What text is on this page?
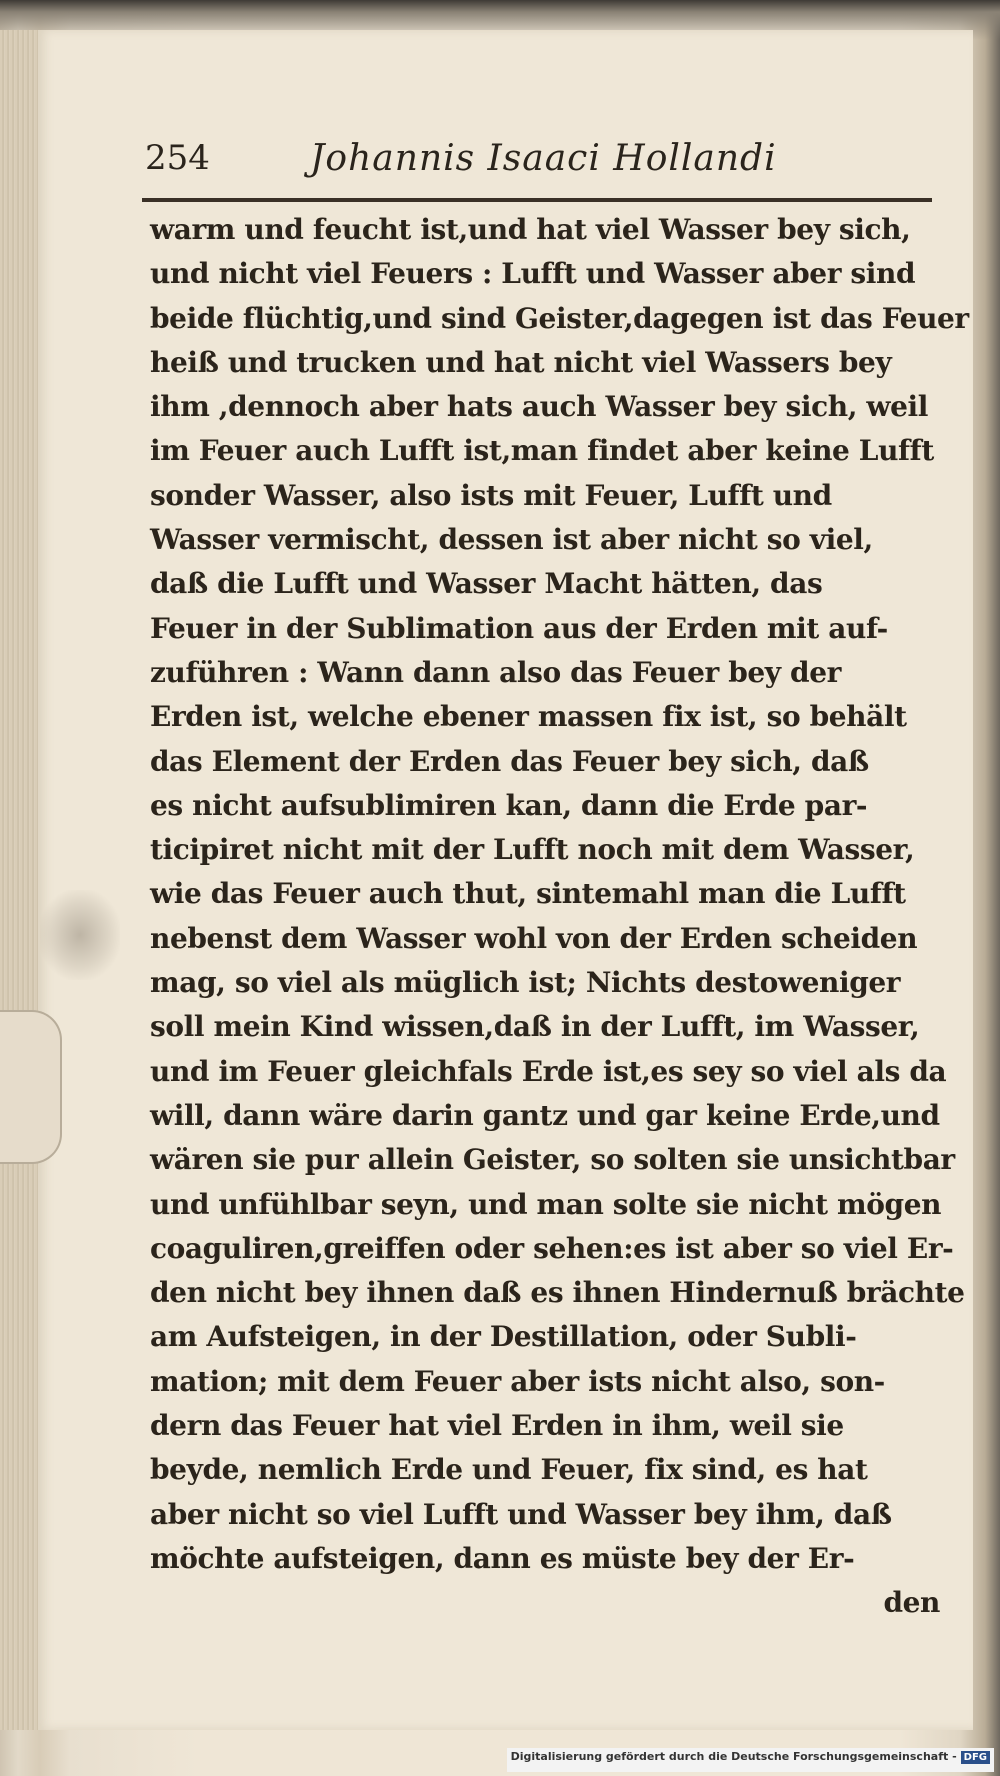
254	Johannis Isaaci Hollandi
warm und feucht ist,und hat viel Wasser bey sich,
und nicht viel Feuers : Lufft und Wasser aber sind
beide flüchtig,und sind Geister,dagegen ist das Feuer
heiß und trucken und hat nicht viel Wassers bey
ihm ,dennoch aber hats auch Wasser bey sich, weil
im Feuer auch Lufft ist,man findet aber keine Lufft
sonder Wasser, also ists mit Feuer, Lufft und
Wasser vermischt, dessen ist aber nicht so viel,
daß die Lufft und Wasser Macht hätten, das
Feuer in der Sublimation aus der Erden mit auf-
zuführen : Wann dann also das Feuer bey der
Erden ist, welche ebener massen fix ist, so behält
das Element der Erden das Feuer bey sich, daß
es nicht aufsublimiren kan, dann die Erde par-
ticipiret nicht mit der Lufft noch mit dem Wasser,
wie das Feuer auch thut, sintemahl man die Lufft
nebenst dem Wasser wohl von der Erden scheiden
mag, so viel als müglich ist; Nichts destoweniger
soll mein Kind wissen,daß in der Lufft, im Wasser,
und im Feuer gleichfals Erde ist,es sey so viel als da
will, dann wäre darin gantz und gar keine Erde,und
wären sie pur allein Geister, so solten sie unsichtbar
und unfühlbar seyn, und man solte sie nicht mögen
coaguliren,greiffen oder sehen:es ist aber so viel Er-
den nicht bey ihnen daß es ihnen Hindernuß brächte
am Aufsteigen, in der Destillation, oder Subli-
mation; mit dem Feuer aber ists nicht also, son-
dern das Feuer hat viel Erden in ihm, weil sie
beyde, nemlich Erde und Feuer, fix sind, es hat
aber nicht so viel Lufft und Wasser bey ihm, daß
möchte aufsteigen, dann es müste bey der Er-
den
Digitalisierung gefördert durch die Deutsche Forschungsgemeinschaft - DFG
